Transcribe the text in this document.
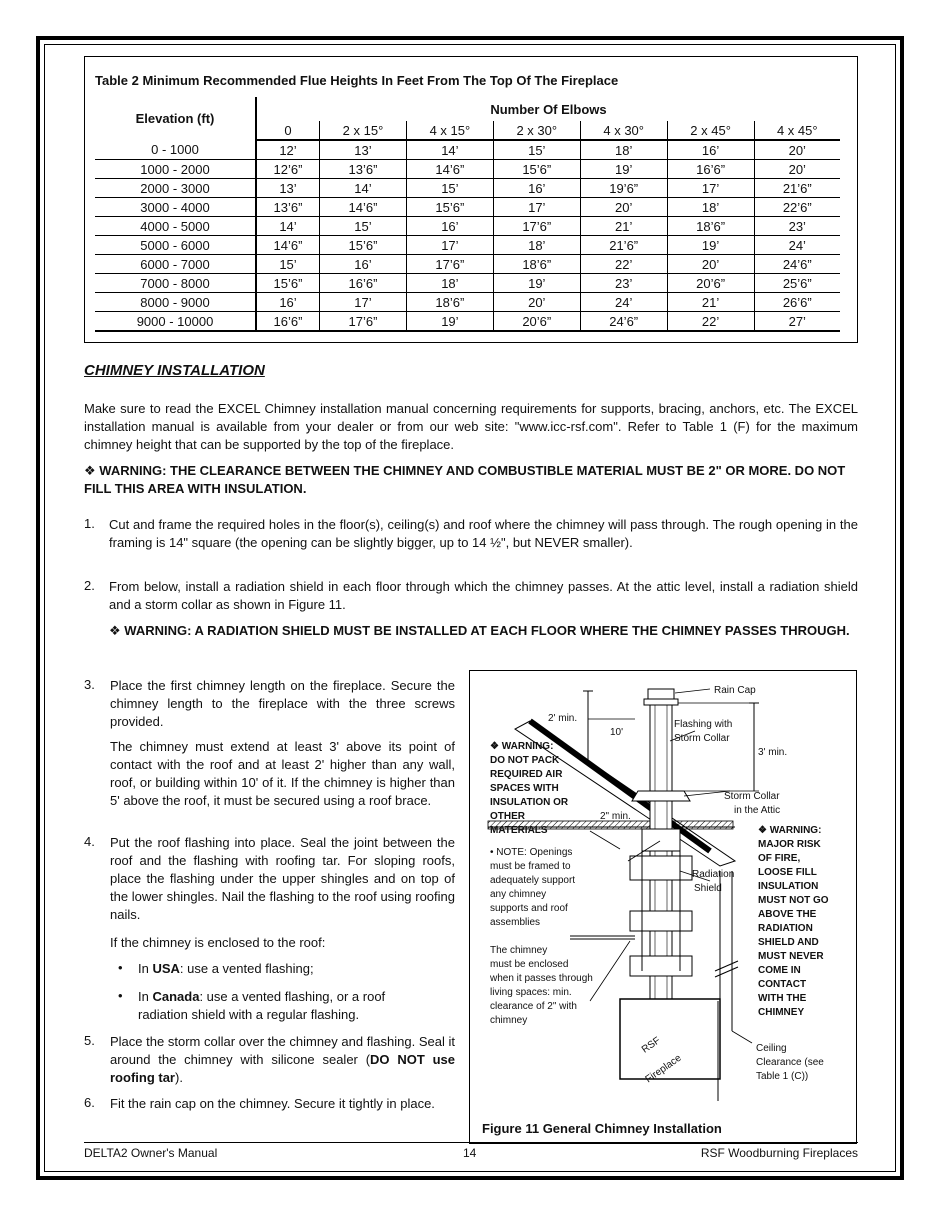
Table 2 Minimum Recommended Flue Heights In Feet From The Top Of The Fireplace
Elevation (ft)	Number Of Elbows						
	0	2 x 15°	4 x 15°	2 x 30°	4 x 30°	2 x 45°	4 x 45°
0 - 1000	12’	13’	14’	15’	18’	16’	20’
1000 - 2000	12’6”	13’6”	14’6”	15’6”	19’	16’6”	20’
2000 - 3000	13’	14’	15’	16’	19’6”	17’	21’6”
3000 - 4000	13’6”	14’6”	15’6”	17’	20’	18’	22’6”
4000 - 5000	14’	15’	16’	17’6”	21’	18’6”	23’
5000 - 6000	14’6”	15’6”	17’	18’	21’6”	19’	24’
6000 - 7000	15’	16’	17’6”	18’6”	22’	20’	24’6”
7000 - 8000	15’6”	16’6”	18’	19’	23’	20’6”	25’6”
8000 - 9000	16’	17’	18’6”	20’	24’	21’	26’6”
9000 - 10000	16’6”	17’6”	19’	20’6”	24’6”	22’	27’
CHIMNEY INSTALLATION
Make sure to read the EXCEL Chimney installation manual concerning requirements for supports, bracing, anchors, etc. The EXCEL installation manual is available from your dealer or from our web site: "www.icc-rsf.com". Refer to Table 1 (F) for the maximum chimney height that can be supported by the top of the fireplace.
❖ WARNING: THE CLEARANCE BETWEEN THE CHIMNEY AND COMBUSTIBLE MATERIAL MUST BE 2" OR MORE. DO NOT FILL THIS AREA WITH INSULATION.
1. Cut and frame the required holes in the floor(s), ceiling(s) and roof where the chimney will pass through. The rough opening in the framing is 14" square (the opening can be slightly bigger, up to 14 ½", but NEVER smaller).
2. From below, install a radiation shield in each floor through which the chimney passes. At the attic level, install a radiation shield and a storm collar as shown in Figure 11.
❖ WARNING: A RADIATION SHIELD MUST BE INSTALLED AT EACH FLOOR WHERE THE CHIMNEY PASSES THROUGH.
3. Place the first chimney length on the fireplace. Secure the chimney length to the fireplace with the three screws provided.
The chimney must extend at least 3' above its point of contact with the roof and at least 2' higher than any wall, roof, or building within 10' of it. If the chimney is higher than 5' above the roof, it must be secured using a roof brace.
4. Put the roof flashing into place. Seal the joint between the roof and the flashing with roofing tar. For sloping roofs, place the flashing under the upper shingles and on top of the lower shingles. Nail the flashing to the roof using roofing nails.
If the chimney is enclosed to the roof:
• In USA: use a vented flashing;
• In Canada: use a vented flashing, or a roof radiation shield with a regular flashing.
5. Place the storm collar over the chimney and flashing. Seal it around the chimney with silicone sealer (DO NOT use roofing tar).
6. Fit the rain cap on the chimney. Secure it tightly in place.
Rain Cap
2' min.
10'
Flashing with
Storm Collar
3' min.
❖ WARNING:
DO NOT PACK
REQUIRED AIR
SPACES WITH
INSULATION OR
OTHER
MATERIALS
2" min.
Storm Collar
in the Attic
• NOTE: Openings
must be framed to
adequately support
any chimney
supports and roof
assemblies
Radiation
Shield
❖ WARNING:
MAJOR RISK
OF FIRE,
LOOSE FILL
INSULATION
MUST NOT GO
ABOVE THE
RADIATION
SHIELD AND
MUST NEVER
COME IN
CONTACT
WITH THE
CHIMNEY
The chimney
must be enclosed
when it passes through
living spaces: min.
clearance of 2" with
chimney
RSF
Fireplace
Ceiling
Clearance (see
Table 1 (C))
Figure 11 General Chimney Installation
DELTA2 Owner's Manual	14	RSF Woodburning Fireplaces
